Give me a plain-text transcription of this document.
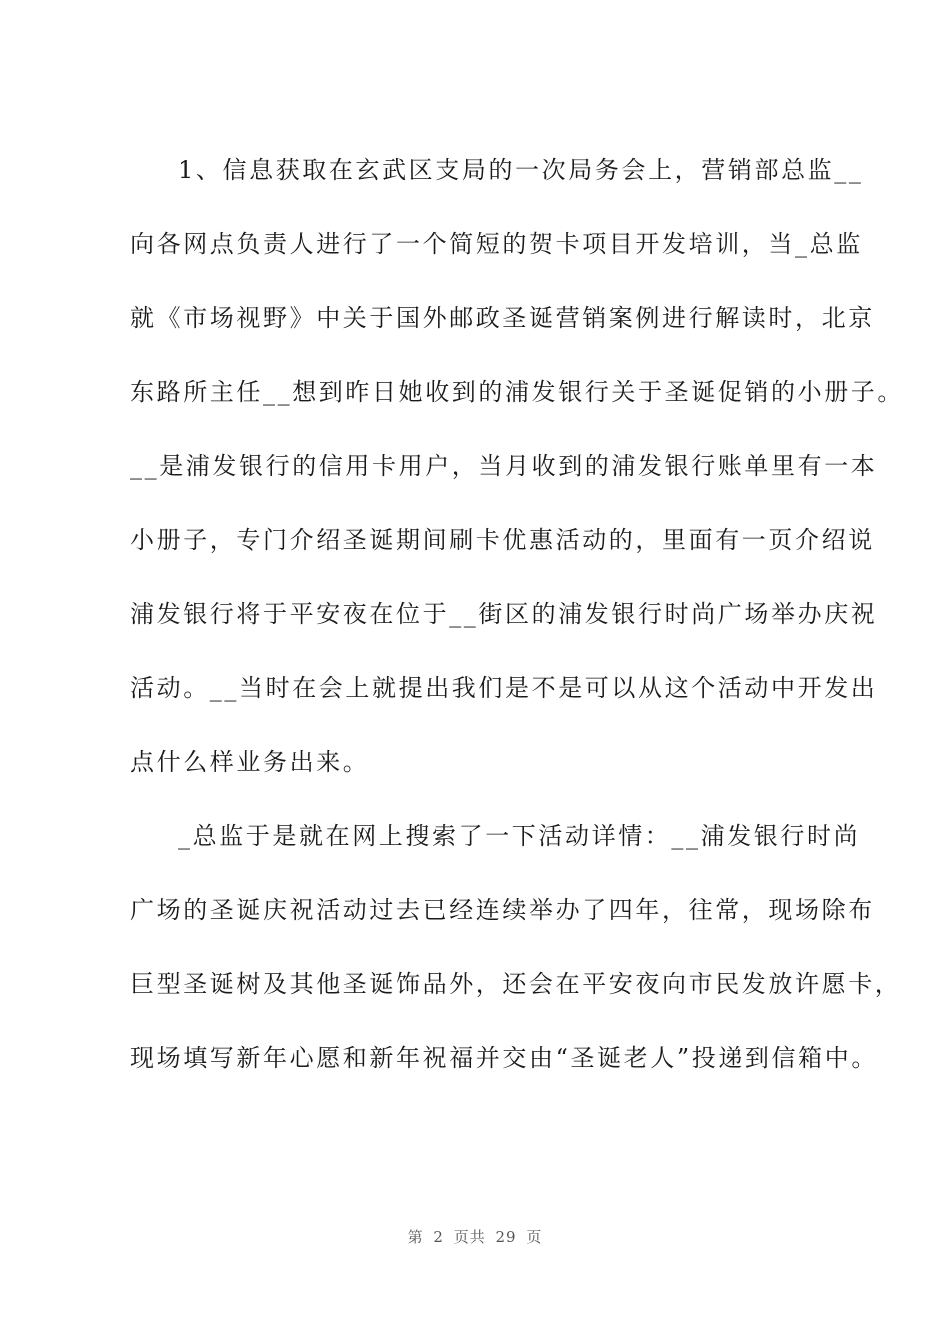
1、信息获取在玄武区支局的一次局务会上，营销部总监__
向各网点负责人进行了一个简短的贺卡项目开发培训，当_总监
就《市场视野》中关于国外邮政圣诞营销案例进行解读时，北京
东路所主任__想到昨日她收到的浦发银行关于圣诞促销的小册子。
__是浦发银行的信用卡用户，当月收到的浦发银行账单里有一本
小册子，专门介绍圣诞期间刷卡优惠活动的，里面有一页介绍说
浦发银行将于平安夜在位于__街区的浦发银行时尚广场举办庆祝
活动。__当时在会上就提出我们是不是可以从这个活动中开发出
点什么样业务出来。
_总监于是就在网上搜索了一下活动详情：__浦发银行时尚
广场的圣诞庆祝活动过去已经连续举办了四年，往常，现场除布
巨型圣诞树及其他圣诞饰品外，还会在平安夜向市民发放许愿卡，
现场填写新年心愿和新年祝福并交由“圣诞老人”投递到信箱中。
第 2 页共 29 页
